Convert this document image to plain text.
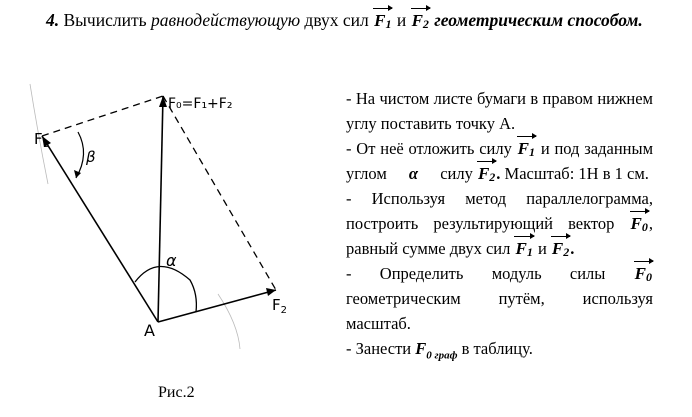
4. Вычислить равнодействующую двух сил $F_1$ и $F_2$ геометрическим способом.
$F_1$
$F_2$
F₀=F₁+F₂
A
α
β
Рис.2

- На чистом листе бумаги в правом нижнем углу поставить точку А.

- От неё отложить силу $F_1$ и под заданным углом α силу $F_2$. Масштаб: 1Н в 1 см.

- Используя метод параллелограмма, построить результирующий вектор $F_0$, равный сумме двух сил $F_1$ и $F_2$.

- Определить модуль силы $F_0$ геометрическим путём, используя масштаб.

- Занести $F_{0 граф}$ в таблицу.
